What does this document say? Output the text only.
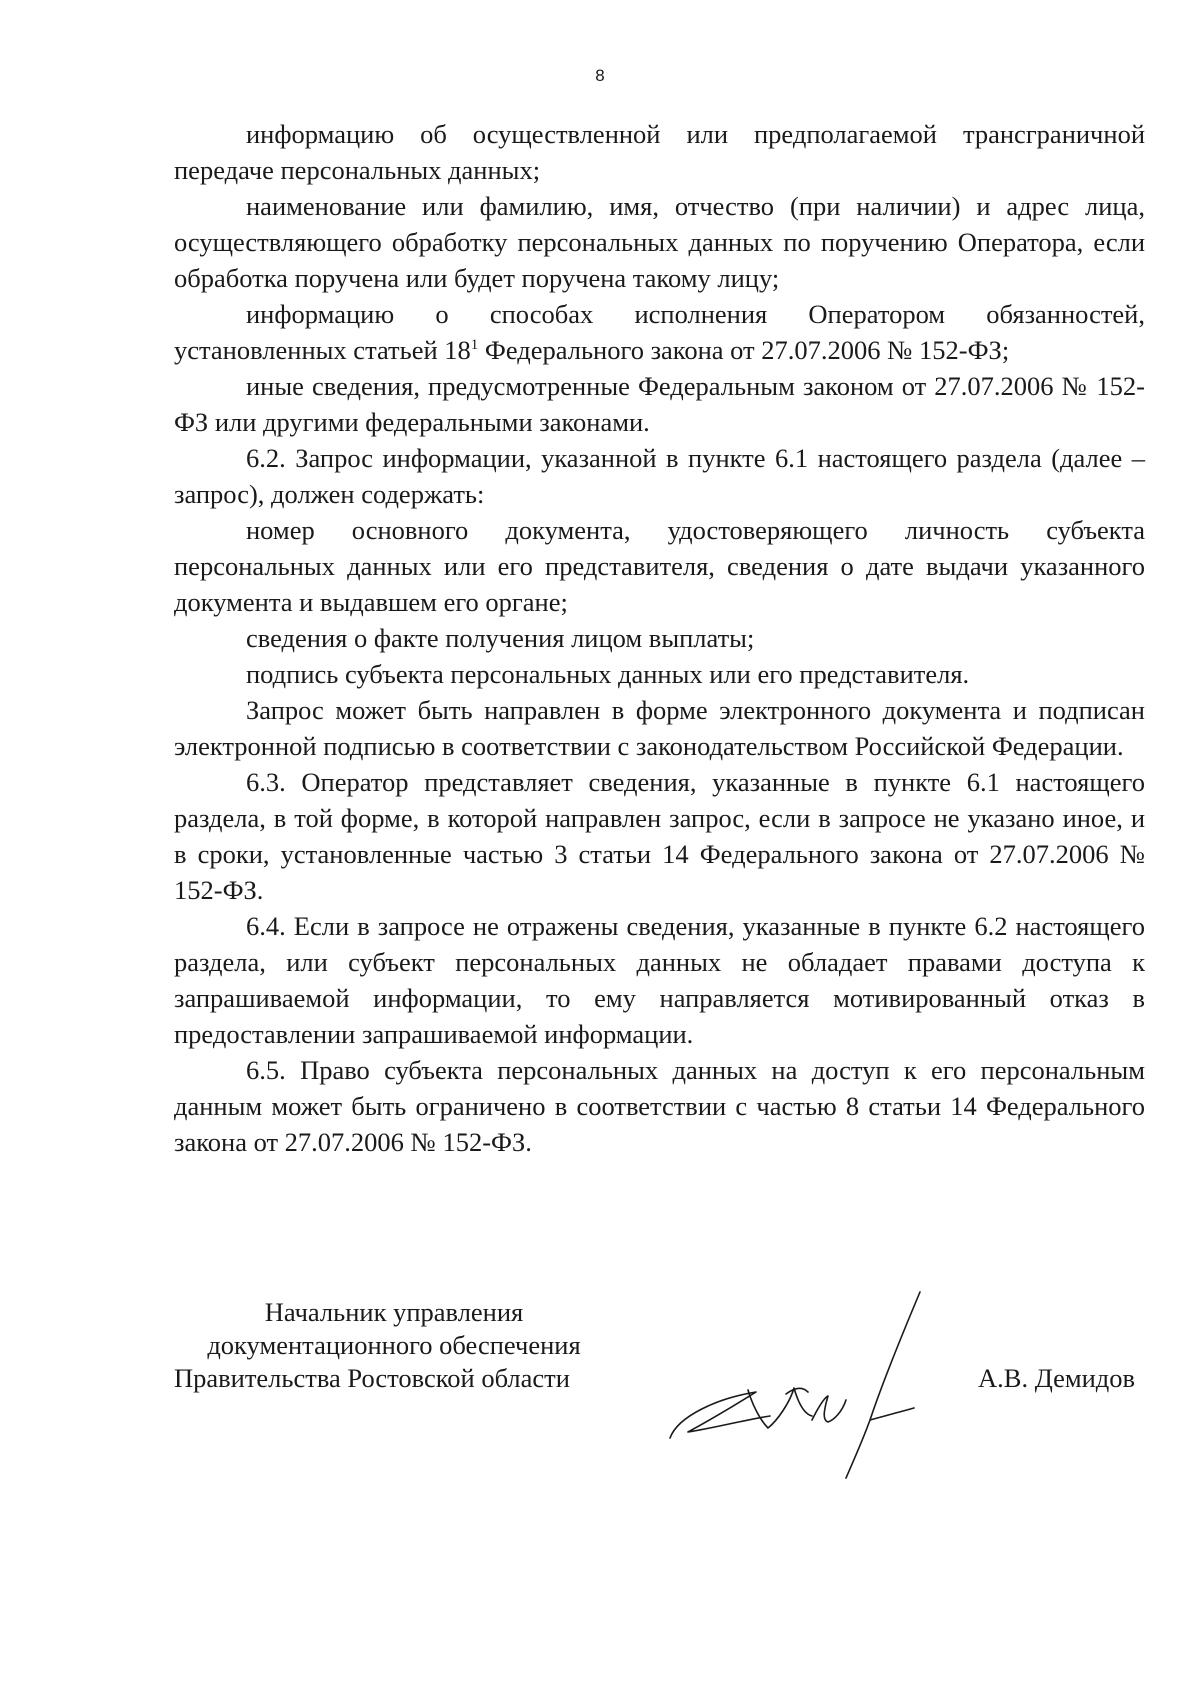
8

информацию об осуществленной или предполагаемой трансграничной передаче персональных данных;

наименование или фамилию, имя, отчество (при наличии) и адрес лица, осуществляющего обработку персональных данных по поручению Оператора, если обработка поручена или будет поручена такому лицу;

информацию о способах исполнения Оператором обязанностей, установленных статьей $18^1$ Федерального закона от 27.07.2006 № 152-ФЗ;

иные сведения, предусмотренные Федеральным законом от 27.07.2006 № 152-ФЗ или другими федеральными законами.

6.2. Запрос информации, указанной в пункте 6.1 настоящего раздела (далее – запрос), должен содержать:

номер основного документа, удостоверяющего личность субъекта персональных данных или его представителя, сведения о дате выдачи указанного документа и выдавшем его органе;

сведения о факте получения лицом выплаты;

подпись субъекта персональных данных или его представителя.

Запрос может быть направлен в форме электронного документа и подписан электронной подписью в соответствии с законодательством Российской Федерации.

6.3. Оператор представляет сведения, указанные в пункте 6.1 настоящего раздела, в той форме, в которой направлен запрос, если в запросе не указано иное, и в сроки, установленные частью 3 статьи 14 Федерального закона от 27.07.2006 № 152-ФЗ.

6.4. Если в запросе не отражены сведения, указанные в пункте 6.2 настоящего раздела, или субъект персональных данных не обладает правами доступа к запрашиваемой информации, то ему направляется мотивированный отказ в предоставлении запрашиваемой информации.

6.5. Право субъекта персональных данных на доступ к его персональным данным может быть ограничено в соответствии с частью 8 статьи 14 Федерального закона от 27.07.2006 № 152-ФЗ.

Начальник управления
документационного обеспечения
Правительства Ростовской области	А.В. Демидов
